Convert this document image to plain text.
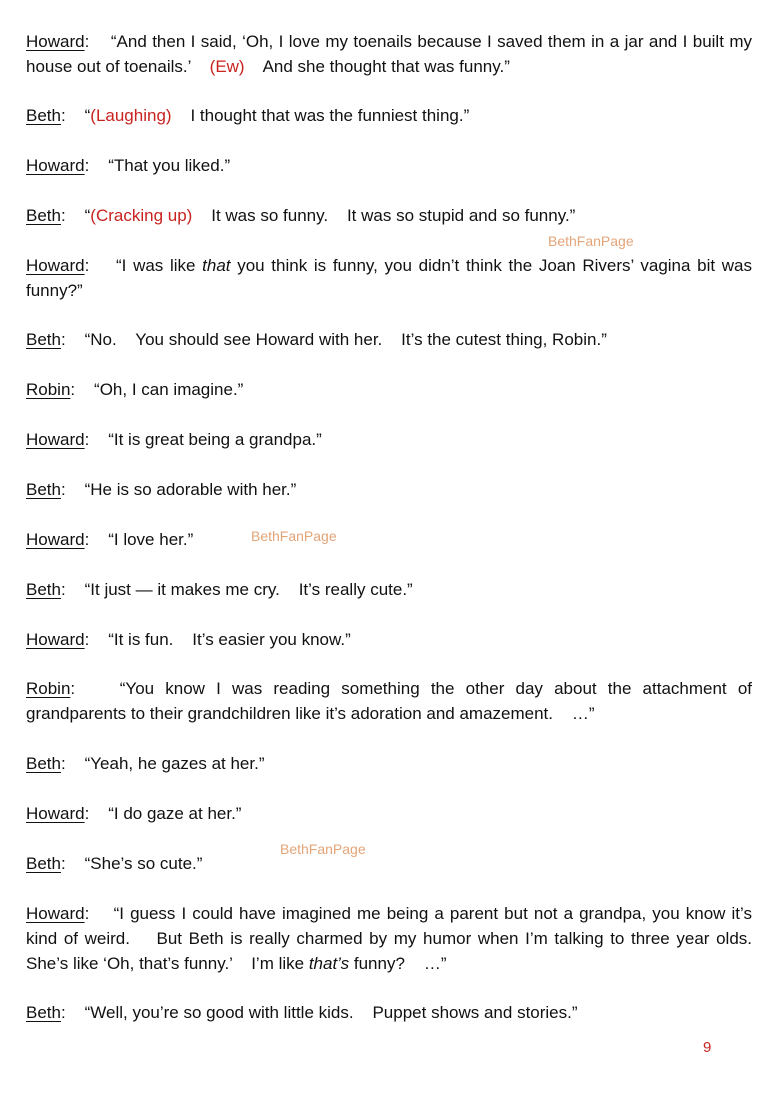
Howard:    “And then I said, ‘Oh, I love my toenails because I saved them in a jar and I built my house out of toenails.’    (Ew)    And she thought that was funny.”
Beth:    “(Laughing)    I thought that was the funniest thing.”
Howard:    “That you liked.”
Beth:    “(Cracking up)    It was so funny.    It was so stupid and so funny.”
Howard:    “I was like that you think is funny, you didn’t think the Joan Rivers’ vagina bit was funny?”
Beth:    “No.    You should see Howard with her.    It’s the cutest thing, Robin.”
Robin:    “Oh, I can imagine.”
Howard:    “It is great being a grandpa.”
Beth:    “He is so adorable with her.”
Howard:    “I love her.”
Beth:    “It just — it makes me cry.    It’s really cute.”
Howard:    “It is fun.    It’s easier you know.”
Robin:    “You know I was reading something the other day about the attachment of grandparents to their grandchildren like it’s adoration and amazement.    …”
Beth:    “Yeah, he gazes at her.”
Howard:    “I do gaze at her.”
Beth:    “She’s so cute.”
Howard:    “I guess I could have imagined me being a parent but not a grandpa, you know it’s kind of weird.    But Beth is really charmed by my humor when I’m talking to three year olds.    She’s like ‘Oh, that’s funny.’    I’m like that’s funny?    …”
Beth:    “Well, you’re so good with little kids.    Puppet shows and stories.”
BethFanPage
BethFanPage
BethFanPage
9
